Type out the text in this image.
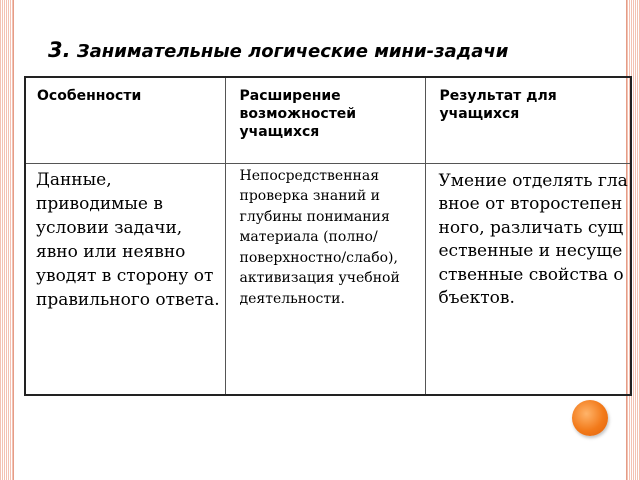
3. Занимательные логические мини-задачи
Особенности	Расширение возможностей учащихся	Результат для учащихся
Данные, приводимые в условии задачи, явно или неявно уводят в сторону от правильного ответа.	Непосредственная проверка знаний и глубины понимания материала (полно/поверхностно/слабо), активизация учебной деятельности.	Умение отделять главное от второстепенного, различать существенные и несущественные свойства объектов.
